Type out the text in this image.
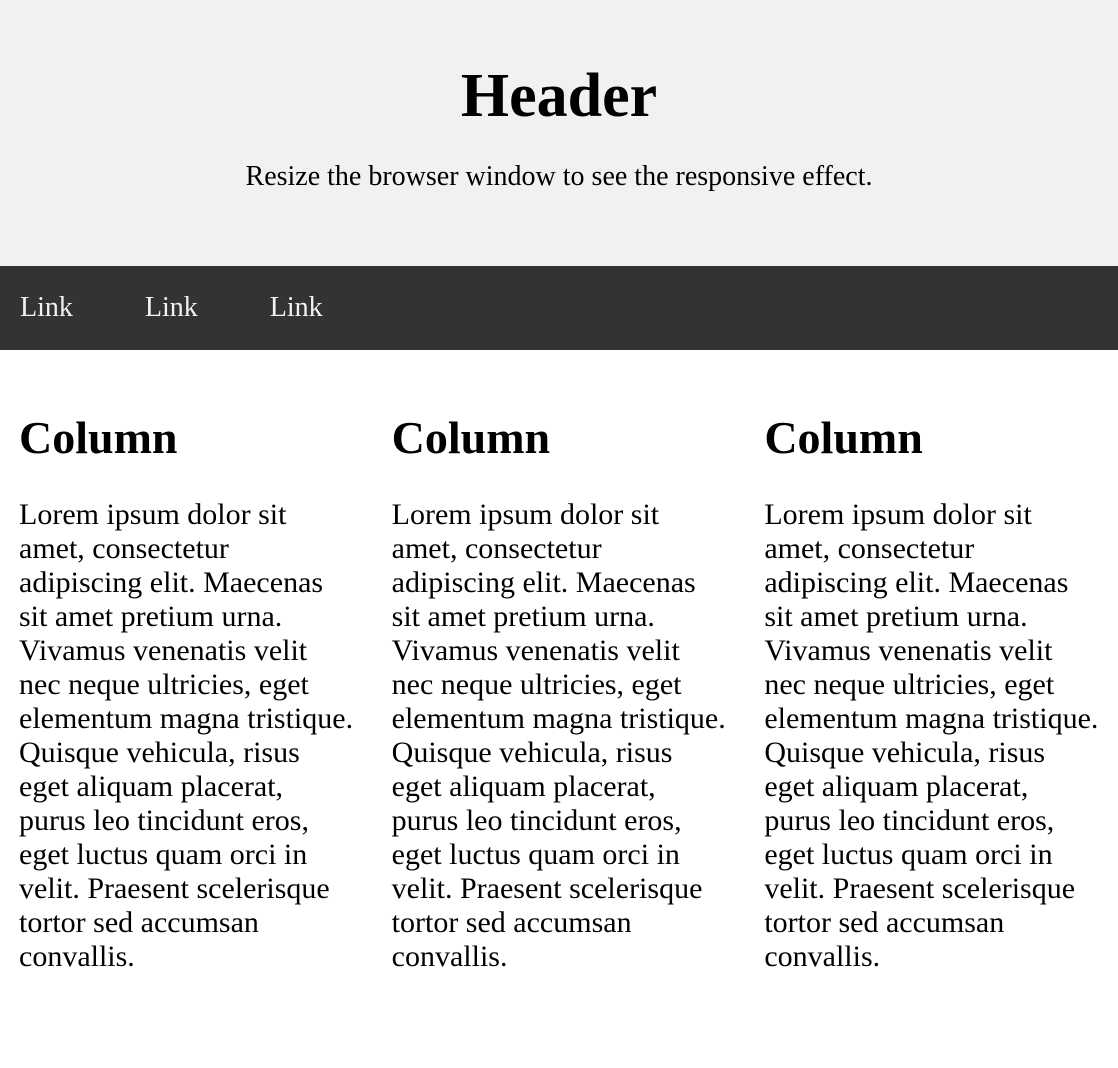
Header

Resize the browser window to see the responsive effect.

Link	Link	Link
Column

Lorem ipsum dolor sit amet, consectetur adipiscing elit. Maecenas sit amet pretium urna. Vivamus venenatis velit nec neque ultricies, eget elementum magna tristique. Quisque vehicula, risus eget aliquam placerat, purus leo tincidunt eros, eget luctus quam orci in velit. Praesent scelerisque tortor sed accumsan convallis.

Column

Lorem ipsum dolor sit amet, consectetur adipiscing elit. Maecenas sit amet pretium urna. Vivamus venenatis velit nec neque ultricies, eget elementum magna tristique. Quisque vehicula, risus eget aliquam placerat, purus leo tincidunt eros, eget luctus quam orci in velit. Praesent scelerisque tortor sed accumsan convallis.

Column

Lorem ipsum dolor sit amet, consectetur adipiscing elit. Maecenas sit amet pretium urna. Vivamus venenatis velit nec neque ultricies, eget elementum magna tristique. Quisque vehicula, risus eget aliquam placerat, purus leo tincidunt eros, eget luctus quam orci in velit. Praesent scelerisque tortor sed accumsan convallis.
